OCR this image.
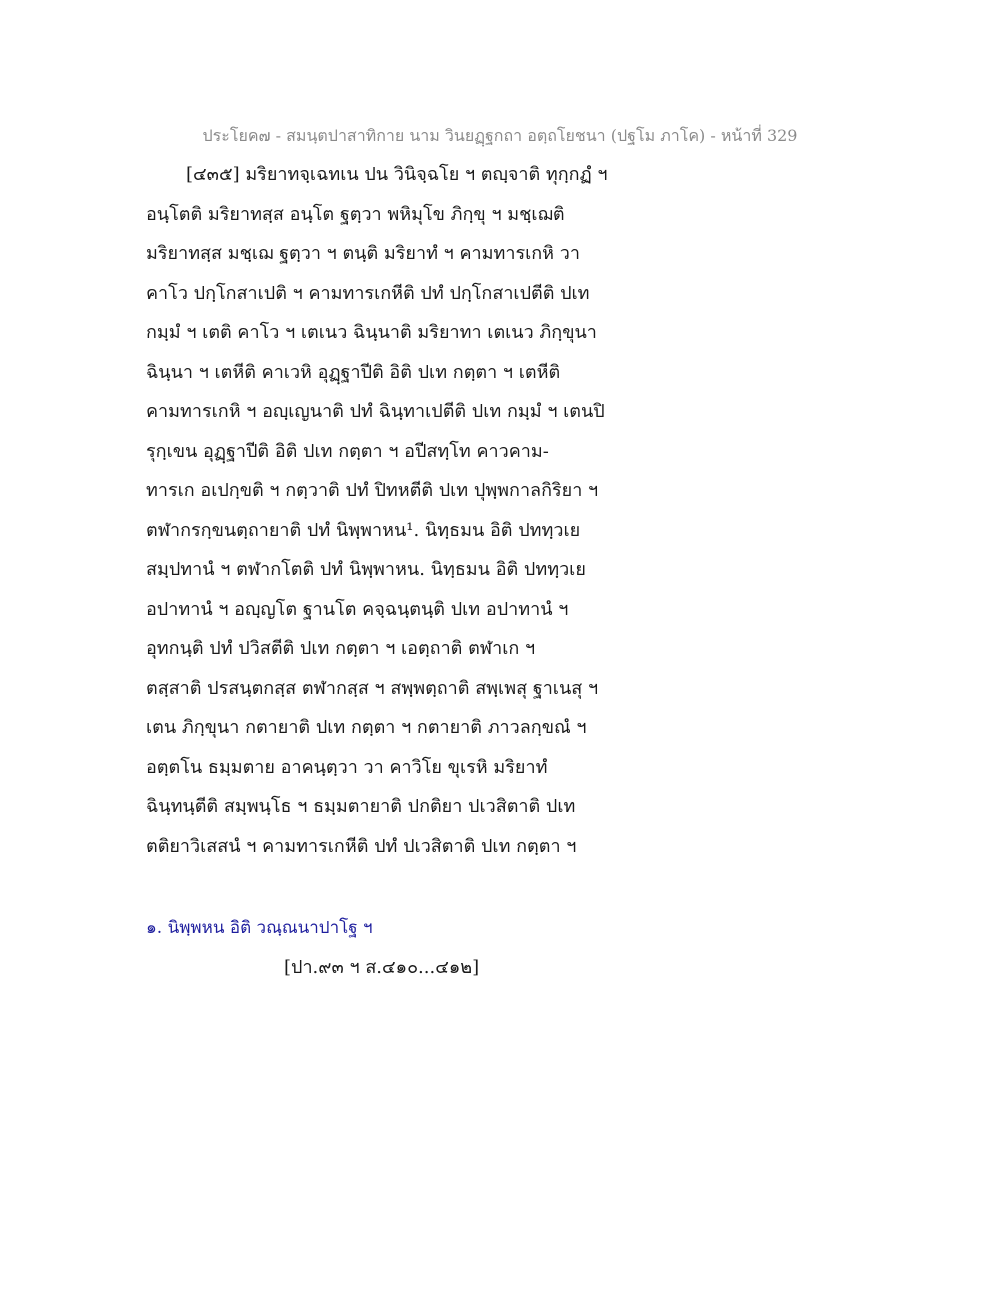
ประโยค๗ - สมนฺตปาสาทิกาย นาม วินยฏฺฐกถา อตฺถโยชนา (ปฐโม ภาโค) - หน้าที่ 329
[๔๓๕] มริยาทจฺเฉทเน ปน วินิจฺฉโย ฯ ตญฺจาติ ทุกฺกฏํ ฯ
อนฺโตติ มริยาทสฺส อนฺโต ฐตฺวา พหิมุโข ภิกฺขุ ฯ มชฺเฌติ
มริยาทสฺส มชฺเฌ ฐตฺวา ฯ ตนฺติ มริยาทํ ฯ คามทารเกหิ วา
คาโว ปกฺโกสาเปติ ฯ คามทารเกหีติ ปทํ ปกฺโกสาเปตีติ ปเท
กมฺมํ ฯ เตติ คาโว ฯ เตเนว ฉินฺนาติ มริยาทา เตเนว ภิกฺขุนา
ฉินฺนา ฯ เตหีติ คาเวหิ อุฏฺฐาปีติ อิติ ปเท กตฺตา ฯ เตหีติ
คามทารเกหิ ฯ อญฺเญนาติ ปทํ ฉินฺทาเปตีติ ปเท กมฺมํ ฯ เตนปิ
รุกฺเขน อุฏฺฐาปีติ อิติ ปเท กตฺตา ฯ อปีสทฺโท คาวคาม-
ทารเก อเปกฺขติ ฯ กตฺวาติ ปทํ ปิทหตีติ ปเท ปุพฺพกาลกิริยา ฯ
ตฬากรกฺขนตฺถายาติ ปทํ นิพฺพาหน¹. นิทฺธมน อิติ ปททฺวเย
สมฺปทานํ ฯ ตฬากโตติ ปทํ นิพฺพาหน. นิทฺธมน อิติ ปททฺวเย
อปาทานํ ฯ อญฺญโต ฐานโต คจฺฉนฺตนฺติ ปเท อปาทานํ ฯ
อุทกนฺติ ปทํ ปวิสตีติ ปเท กตฺตา ฯ เอตฺถาติ ตฬาเก ฯ
ตสฺสาติ ปรสนฺตกสฺส ตฬากสฺส ฯ สพฺพตฺถาติ สพฺเพสุ ฐาเนสุ ฯ
เตน ภิกฺขุนา กตายาติ ปเท กตฺตา ฯ กตายาติ ภาวลกฺขณํ ฯ
อตฺตโน ธมฺมตาย อาคนฺตฺวา วา คาวิโย ขุเรหิ มริยาทํ
ฉินฺทนฺตีติ สมฺพนฺโธ ฯ ธมฺมตายาติ ปกติยา ปเวสิตาติ ปเท
ตติยาวิเสสนํ ฯ คามทารเกหีติ ปทํ ปเวสิตาติ ปเท กตฺตา ฯ
๑. นิพฺพหน อิติ วณฺณนาปาโฐ ฯ
[ปา.๙๓ ฯ ส.๔๑๐...๔๑๒]
